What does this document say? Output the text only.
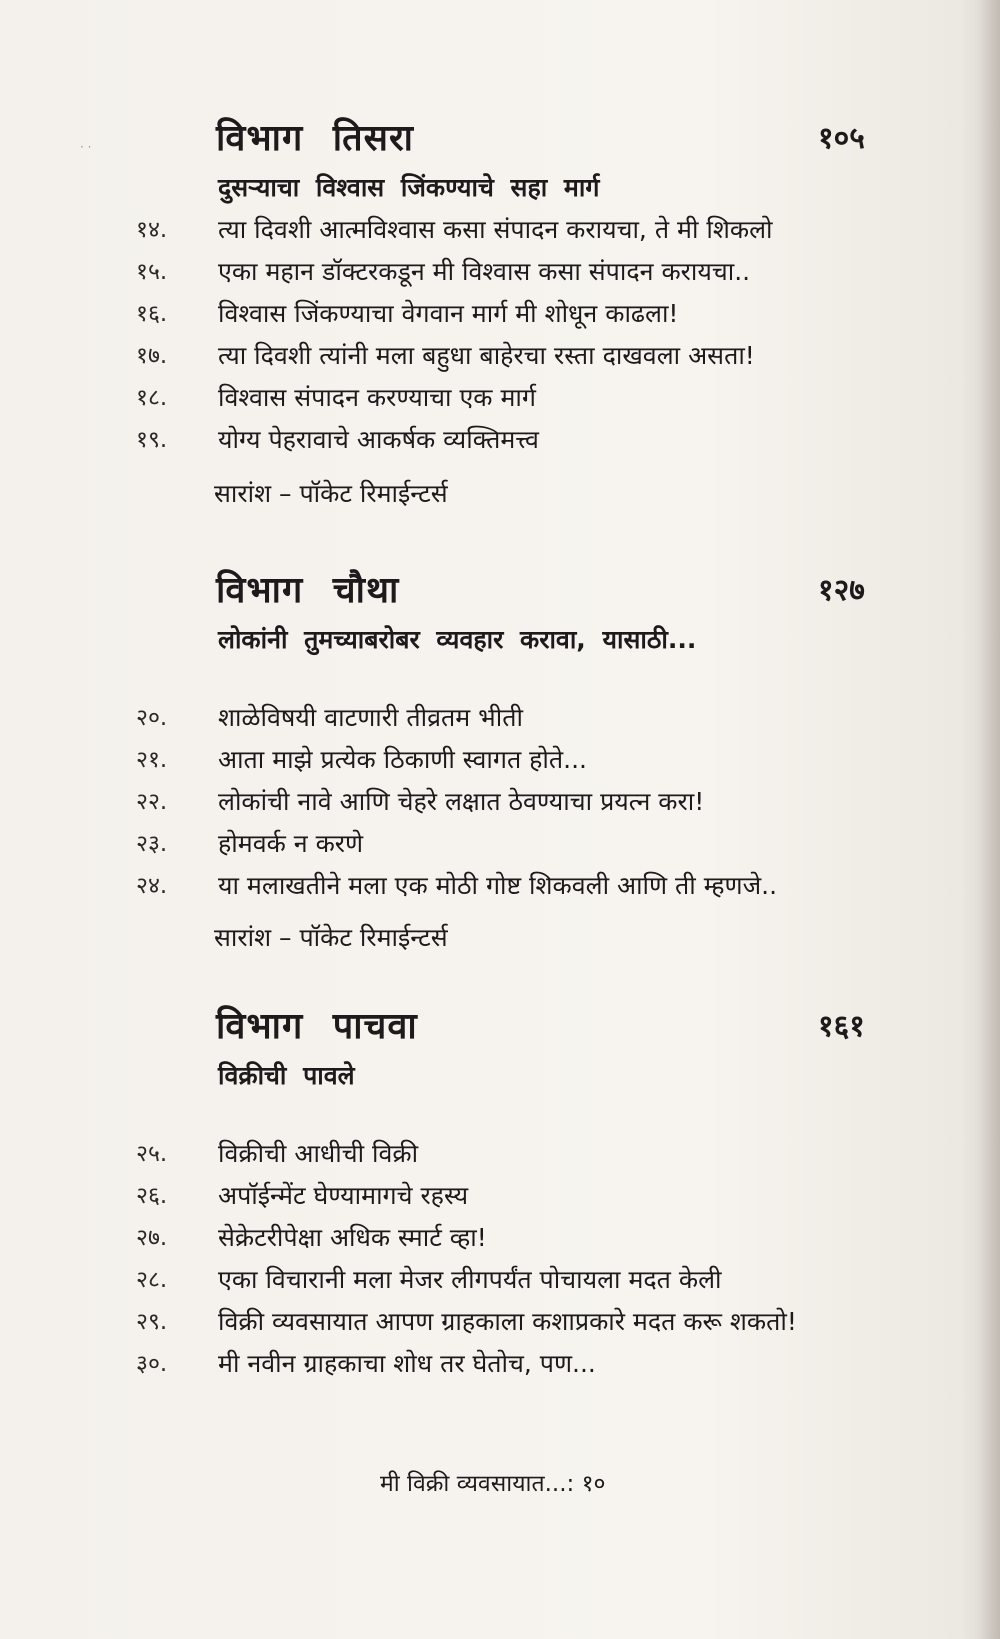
· ·	विभाग तिसरा	१०५
दुसऱ्याचा विश्वास जिंकण्याचे सहा मार्ग
१४. त्या दिवशी आत्मविश्वास कसा संपादन करायचा, ते मी शिकलो
१५. एका महान डॉक्टरकडून मी विश्वास कसा संपादन करायचा..
१६. विश्वास जिंकण्याचा वेगवान मार्ग मी शोधून काढला!
१७. त्या दिवशी त्यांनी मला बहुधा बाहेरचा रस्ता दाखवला असता!
१८. विश्वास संपादन करण्याचा एक मार्ग
१९. योग्य पेहरावाचे आकर्षक व्यक्तिमत्त्व
सारांश – पॉकेट रिमाईन्टर्स
विभाग चौथा	१२७
लोकांनी तुमच्याबरोबर व्यवहार करावा, यासाठी...
२०. शाळेविषयी वाटणारी तीव्रतम भीती
२१. आता माझे प्रत्येक ठिकाणी स्वागत होते...
२२. लोकांची नावे आणि चेहरे लक्षात ठेवण्याचा प्रयत्न करा!
२३. होमवर्क न करणे
२४. या मलाखतीने मला एक मोठी गोष्ट शिकवली आणि ती म्हणजे..
सारांश – पॉकेट रिमाईन्टर्स
विभाग पाचवा	१६१
विक्रीची पावले
२५. विक्रीची आधीची विक्री
२६. अपॉईन्मेंट घेण्यामागचे रहस्य
२७. सेक्रेटरीपेक्षा अधिक स्मार्ट व्हा!
२८. एका विचारानी मला मेजर लीगपर्यंत पोचायला मदत केली
२९. विक्री व्यवसायात आपण ग्राहकाला कशाप्रकारे मदत करू शकतो!
३०. मी नवीन ग्राहकाचा शोध तर घेतोच, पण...
मी विक्री व्यवसायात...: १०
